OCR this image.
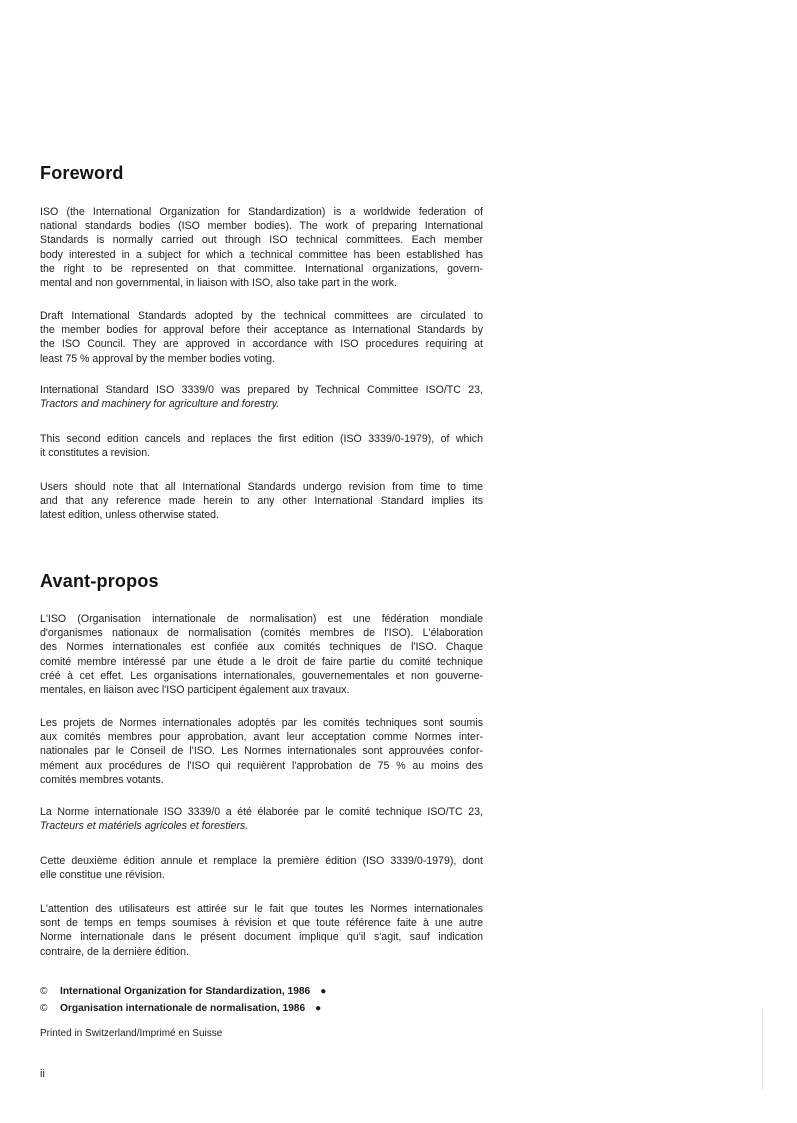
Foreword

ISO (the International Organization for Standardization) is a worldwide federation of
national standards bodies (ISO member bodies). The work of preparing International
Standards is normally carried out through ISO technical committees. Each member
body interested in a subject for which a technical committee has been established has
the right to be represented on that committee. International organizations, govern-
mental and non governmental, in liaison with ISO, also take part in the work.

Draft International Standards adopted by the technical committees are circulated to
the member bodies for approval before their acceptance as International Standards by
the ISO Council. They are approved in accordance with ISO procedures requiring at
least 75 % approval by the member bodies voting.

International Standard ISO 3339/0 was prepared by Technical Committee ISO/TC 23,
Tractors and machinery for agriculture and forestry.

This second edition cancels and replaces the first edition (ISO 3339/0-1979), of which
it constitutes a revision.

Users should note that all International Standards undergo revision from time to time
and that any reference made herein to any other International Standard implies its
latest edition, unless otherwise stated.

Avant-propos

L'ISO (Organisation internationale de normalisation) est une fédération mondiale
d'organismes nationaux de normalisation (comités membres de l'ISO). L'élaboration
des Normes internationales est confiée aux comités techniques de l'ISO. Chaque
comité membre intéressé par une étude a le droit de faire partie du comité technique
créé à cet effet. Les organisations internationales, gouvernementales et non gouverne-
mentales, en liaison avec l'ISO participent également aux travaux.

Les projets de Normes internationales adoptés par les comités techniques sont soumis
aux comités membres pour approbation, avant leur acceptation comme Normes inter-
nationales par le Conseil de l'ISO. Les Normes internationales sont approuvées confor-
mément aux procédures de l'ISO qui requièrent l'approbation de 75 % au moins des
comités membres votants.

La Norme internationale ISO 3339/0 a été élaborée par le comité technique ISO/TC 23,
Tracteurs et matériels agricoles et forestiers.

Cette deuxième édition annule et remplace la première édition (ISO 3339/0-1979), dont
elle constitue une révision.

L'attention des utilisateurs est attirée sur le fait que toutes les Normes internationales
sont de temps en temps soumises à révision et que toute référence faite à une autre
Norme internationale dans le présent document implique qu'il s'agit, sauf indication
contraire, de la dernière édition.

© International Organization for Standardization, 1986 ●
© Organisation internationale de normalisation, 1986 ●
Printed in Switzerland/Imprimé en Suisse
ii
